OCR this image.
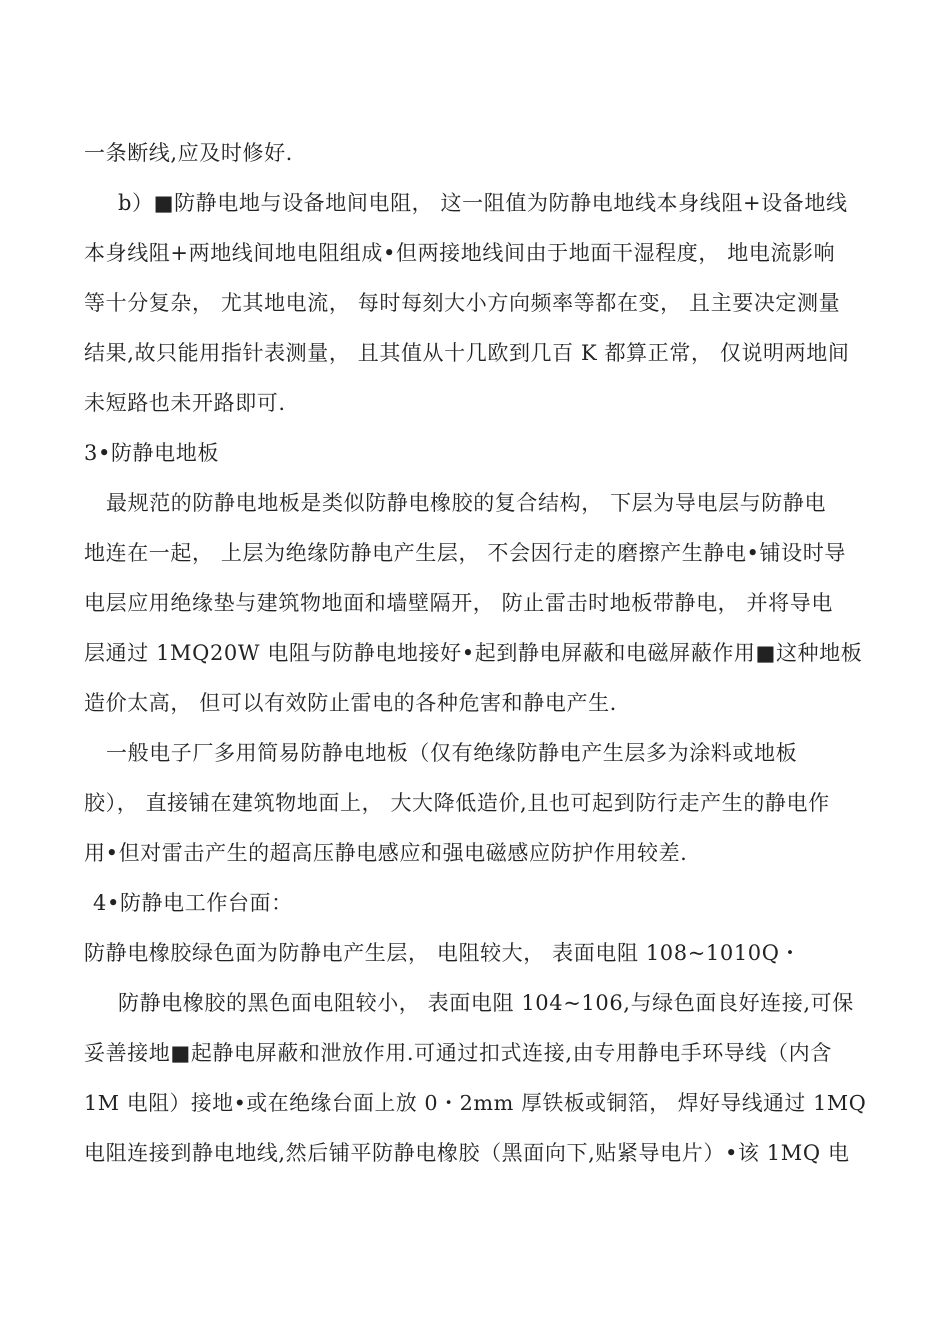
一条断线,应及时修好.
b）■防静电地与设备地间电阻， 这一阻值为防静电地线本身线阻+设备地线
本身线阻+两地线间地电阻组成•但两接地线间由于地面干湿程度， 地电流影响
等十分复杂， 尤其地电流， 每时每刻大小方向频率等都在变， 且主要决定测量
结果,故只能用指针表测量， 且其值从十几欧到几百 K 都算正常， 仅说明两地间
未短路也未开路即可.
3•防静电地板
最规范的防静电地板是类似防静电橡胶的复合结构， 下层为导电层与防静电
地连在一起， 上层为绝缘防静电产生层， 不会因行走的磨擦产生静电•铺设时导
电层应用绝缘垫与建筑物地面和墙壁隔开， 防止雷击时地板带静电， 并将导电
层通过 1MQ20W 电阻与防静电地接好•起到静电屏蔽和电磁屏蔽作用■这种地板
造价太高， 但可以有效防止雷电的各种危害和静电产生.
一般电子厂多用简易防静电地板（仅有绝缘防静电产生层多为涂料或地板
胶）， 直接铺在建筑物地面上， 大大降低造价,且也可起到防行走产生的静电作
用•但对雷击产生的超高压静电感应和强电磁感应防护作用较差.
4•防静电工作台面：
防静电橡胶绿色面为防静电产生层， 电阻较大， 表面电阻 108~1010Q・
防静电橡胶的黑色面电阻较小， 表面电阻 104~106,与绿色面良好连接,可保
妥善接地■起静电屏蔽和泄放作用.可通过扣式连接,由专用静电手环导线（内含
1M 电阻）接地•或在绝缘台面上放 0・2mm 厚铁板或铜箔， 焊好导线通过 1MQ
电阻连接到静电地线,然后铺平防静电橡胶（黑面向下,贴紧导电片）•该 1MQ 电
